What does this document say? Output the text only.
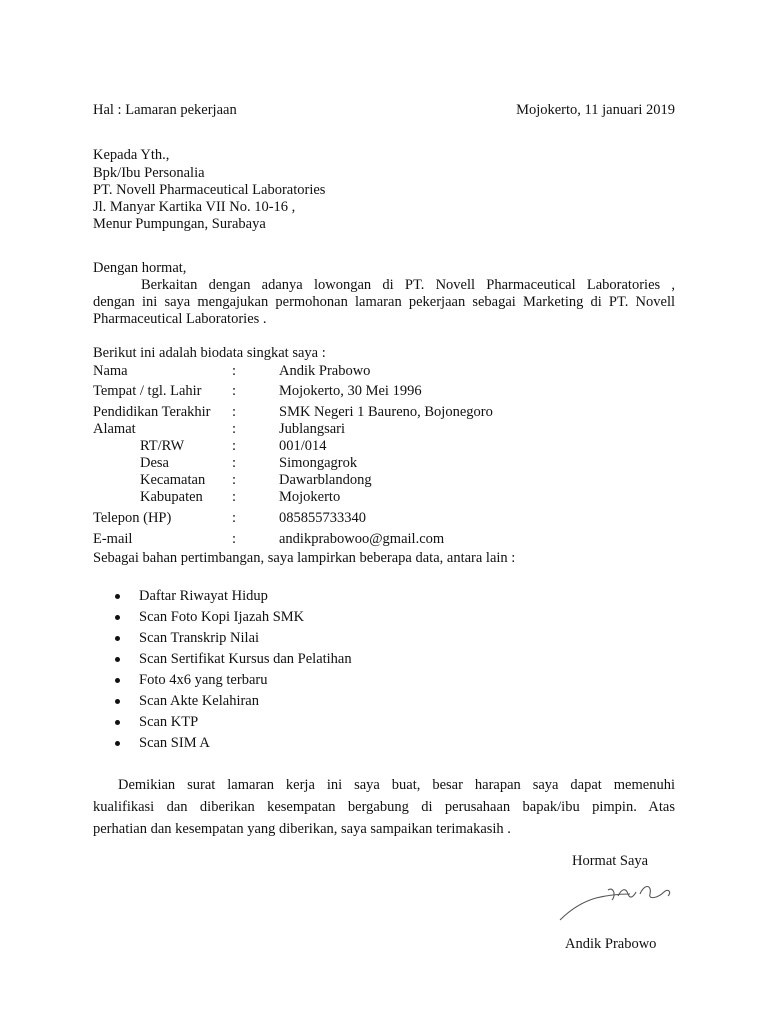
Hal : Lamaran pekerjaan	Mojokerto, 11 januari 2019
Kepada Yth.,
Bpk/Ibu Personalia
PT. Novell Pharmaceutical Laboratories
Jl. Manyar Kartika VII No. 10-16 ,
Menur Pumpungan, Surabaya
Dengan hormat,
Berkaitan dengan adanya lowongan di PT. Novell Pharmaceutical Laboratories ,
dengan ini saya mengajukan permohonan lamaran pekerjaan sebagai Marketing di PT. Novell
Pharmaceutical Laboratories .
Berikut ini adalah biodata singkat saya :
Nama	:	Andik Prabowo
Tempat / tgl. Lahir :	Mojokerto, 30 Mei 1996
Pendidikan Terakhir :	SMK Negeri 1 Baureno, Bojonegoro
Alamat	:	Jublangsari
RT/RW	:	001/014
Desa	:	Simongagrok
Kecamatan :	Dawarblandong
Kabupaten :	Mojokerto
Telepon (HP)	:	085855733340
E-mail	:	andikprabowoo@gmail.com
Sebagai bahan pertimbangan, saya lampirkan beberapa data, antara lain :
Daftar Riwayat Hidup
Scan Foto Kopi Ijazah SMK
Scan Transkrip Nilai
Scan Sertifikat Kursus dan Pelatihan
Foto 4x6 yang terbaru
Scan Akte Kelahiran
Scan KTP
Scan SIM A
Demikian surat lamaran kerja ini saya buat, besar harapan saya dapat memenuhi
kualifikasi dan diberikan kesempatan bergabung di perusahaan bapak/ibu pimpin. Atas
perhatian dan kesempatan yang diberikan, saya sampaikan terimakasih .
Hormat Saya
Andik Prabowo
